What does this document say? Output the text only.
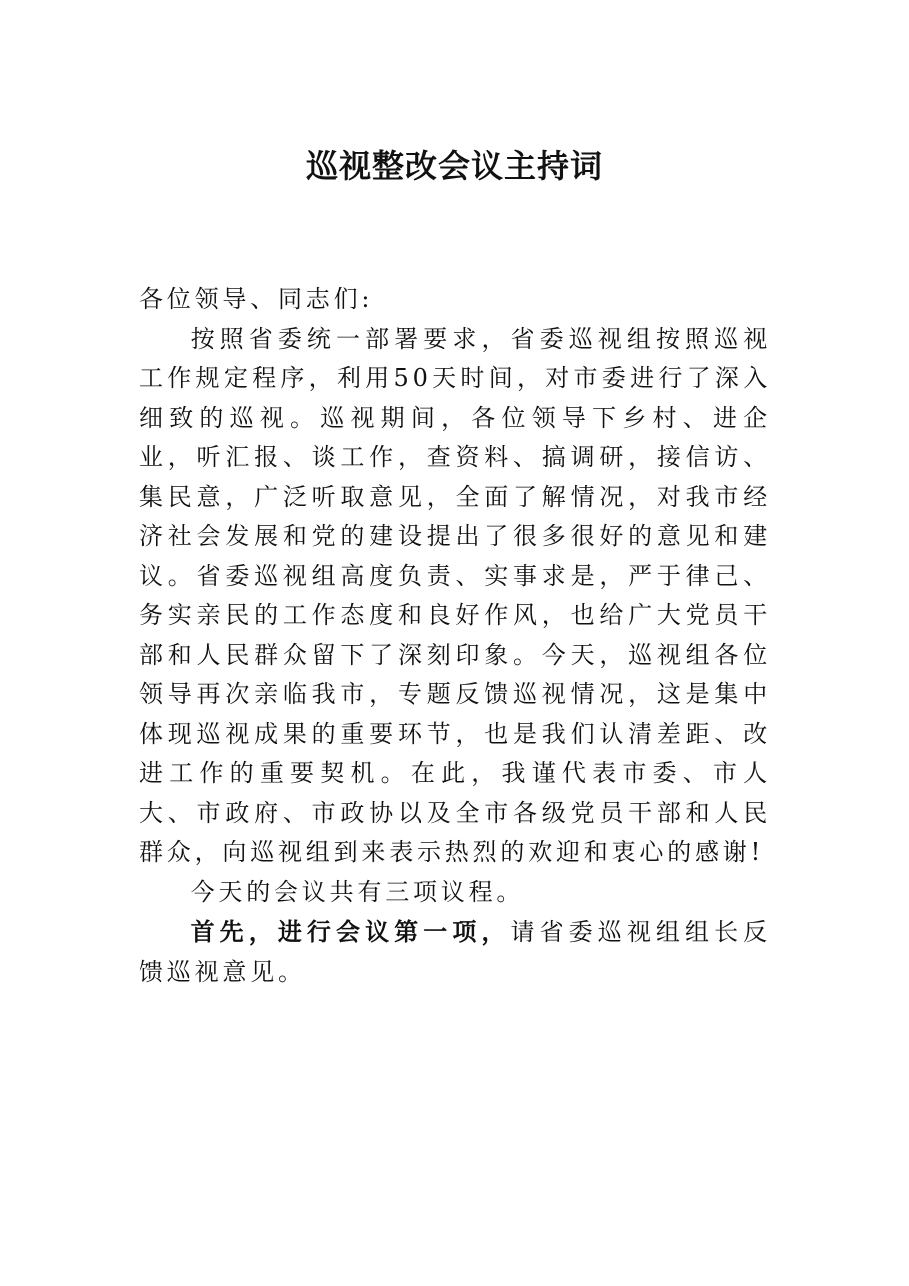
巡视整改会议主持词

各位领导、同志们:

按照省委统一部署要求，省委巡视组按照巡视工作规定程序，利用50天时间，对市委进行了深入细致的巡视。巡视期间，各位领导下乡村、进企业，听汇报、谈工作，查资料、搞调研，接信访、集民意，广泛听取意见，全面了解情况，对我市经济社会发展和党的建设提出了很多很好的意见和建议。省委巡视组高度负责、实事求是，严于律己、务实亲民的工作态度和良好作风，也给广大党员干部和人民群众留下了深刻印象。今天，巡视组各位领导再次亲临我市，专题反馈巡视情况，这是集中体现巡视成果的重要环节，也是我们认清差距、改进工作的重要契机。在此，我谨代表市委、市人大、市政府、市政协以及全市各级党员干部和人民群众，向巡视组到来表示热烈的欢迎和衷心的感谢!

今天的会议共有三项议程。

首先，进行会议第一项，请省委巡视组组长反馈巡视意见。
